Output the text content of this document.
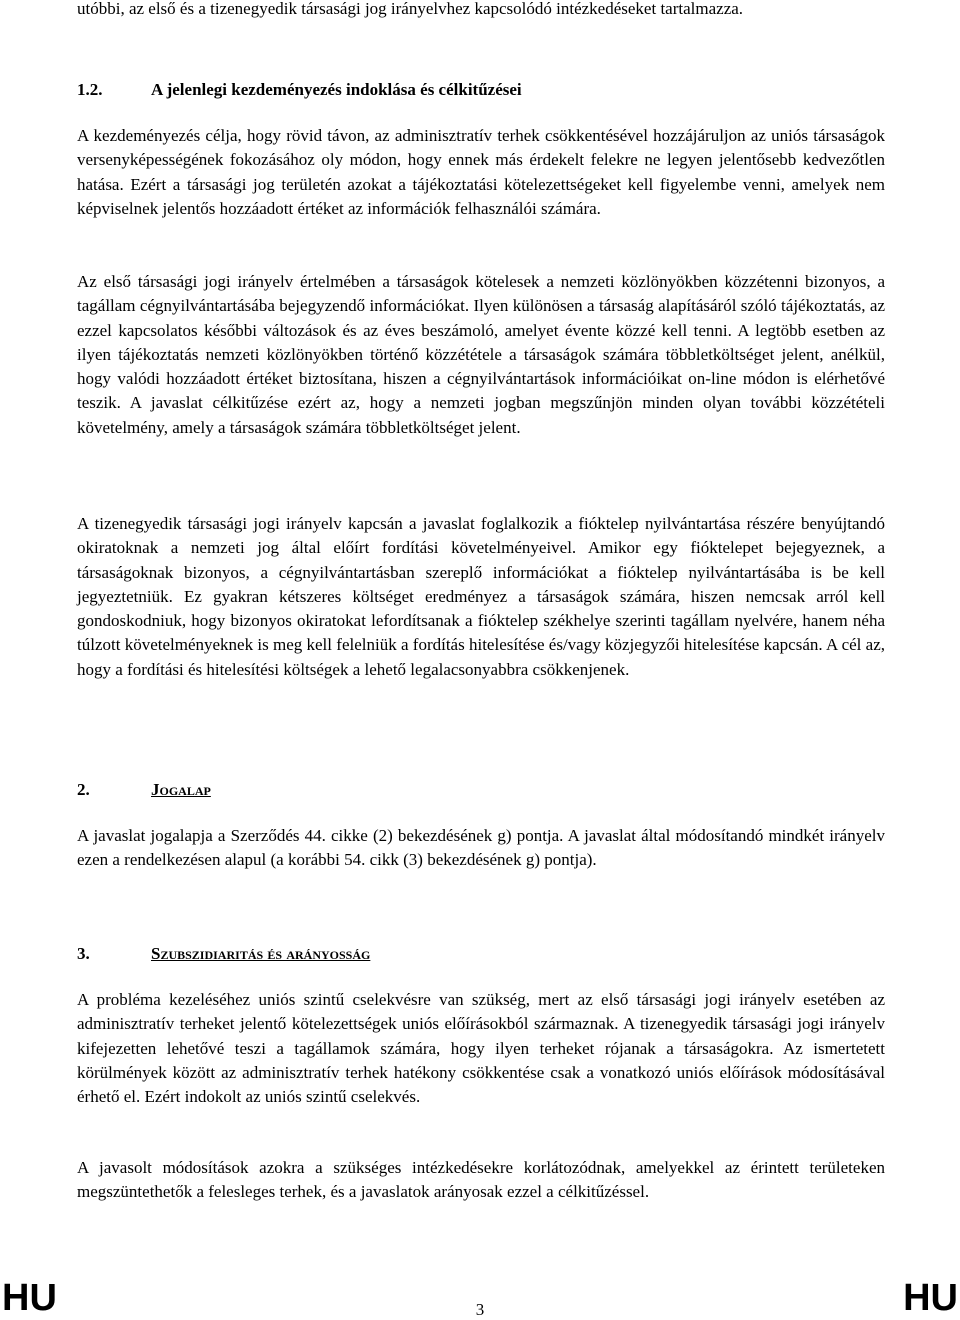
utóbbi, az első és a tizenegyedik társasági jog irányelvhez kapcsolódó intézkedéseket tartalmazza.

1.2.	A jelenlegi kezdeményezés indoklása és célkitűzései

A kezdeményezés célja, hogy rövid távon, az adminisztratív terhek csökkentésével hozzájáruljon az uniós társaságok versenyképességének fokozásához oly módon, hogy ennek más érdekelt felekre ne legyen jelentősebb kedvezőtlen hatása. Ezért a társasági jog területén azokat a tájékoztatási kötelezettségeket kell figyelembe venni, amelyek nem képviselnek jelentős hozzáadott értéket az információk felhasználói számára.

Az első társasági jogi irányelv értelmében a társaságok kötelesek a nemzeti közlönyökben közzétenni bizonyos, a tagállam cégnyilvántartásába bejegyzendő információkat. Ilyen különösen a társaság alapításáról szóló tájékoztatás, az ezzel kapcsolatos későbbi változások és az éves beszámoló, amelyet évente közzé kell tenni. A legtöbb esetben az ilyen tájékoztatás nemzeti közlönyökben történő közzététele a társaságok számára többletköltséget jelent, anélkül, hogy valódi hozzáadott értéket biztosítana, hiszen a cégnyilvántartások információikat on-line módon is elérhetővé teszik. A javaslat célkitűzése ezért az, hogy a nemzeti jogban megszűnjön minden olyan további közzétételi követelmény, amely a társaságok számára többletköltséget jelent.

A tizenegyedik társasági jogi irányelv kapcsán a javaslat foglalkozik a fióktelep nyilvántartása részére benyújtandó okiratoknak a nemzeti jog által előírt fordítási követelményeivel. Amikor egy fióktelepet bejegyeznek, a társaságoknak bizonyos, a cégnyilvántartásban szereplő információkat a fióktelep nyilvántartásába is be kell jegyeztetniük. Ez gyakran kétszeres költséget eredményez a társaságok számára, hiszen nemcsak arról kell gondoskodniuk, hogy bizonyos okiratokat lefordítsanak a fióktelep székhelye szerinti tagállam nyelvére, hanem néha túlzott követelményeknek is meg kell felelniük a fordítás hitelesítése és/vagy közjegyzői hitelesítése kapcsán. A cél az, hogy a fordítási és hitelesítési költségek a lehető legalacsonyabbra csökkenjenek.

2.	Jogalap

A javaslat jogalapja a Szerződés 44. cikke (2) bekezdésének g) pontja. A javaslat által módosítandó mindkét irányelv ezen a rendelkezésen alapul (a korábbi 54. cikk (3) bekezdésének g) pontja).

3.	Szubszidiaritás és arányosság

A probléma kezeléséhez uniós szintű cselekvésre van szükség, mert az első társasági jogi irányelv esetében az adminisztratív terheket jelentő kötelezettségek uniós előírásokból származnak. A tizenegyedik társasági jogi irányelv kifejezetten lehetővé teszi a tagállamok számára, hogy ilyen terheket rójanak a társaságokra. Az ismertetett körülmények között az adminisztratív terhek hatékony csökkentése csak a vonatkozó uniós előírások módosításával érhető el. Ezért indokolt az uniós szintű cselekvés.

A javasolt módosítások azokra a szükséges intézkedésekre korlátozódnak, amelyekkel az érintett területeken megszüntethetők a felesleges terhek, és a javaslatok arányosak ezzel a célkitűzéssel.

HU	3	HU
